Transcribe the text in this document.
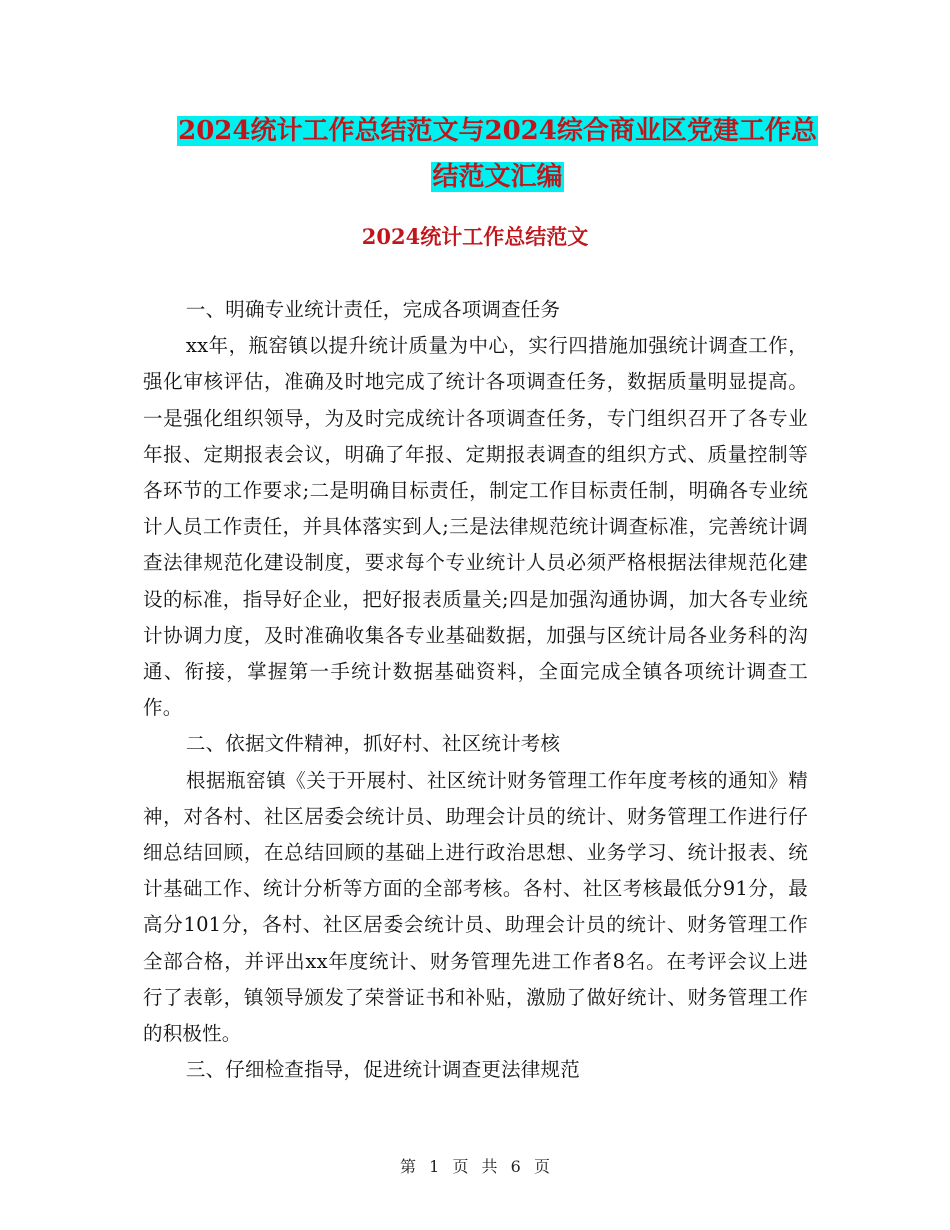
2024统计工作总结范文与2024综合商业区党建工作总
结范文汇编
2024统计工作总结范文

一、明确专业统计责任，完成各项调查任务

xx年，瓶窑镇以提升统计质量为中心，实行四措施加强统计调查工作，强化审核评估，准确及时地完成了统计各项调查任务，数据质量明显提高。一是强化组织领导，为及时完成统计各项调查任务，专门组织召开了各专业年报、定期报表会议，明确了年报、定期报表调查的组织方式、质量控制等各环节的工作要求;二是明确目标责任，制定工作目标责任制，明确各专业统计人员工作责任，并具体落实到人;三是法律规范统计调查标准，完善统计调查法律规范化建设制度，要求每个专业统计人员必须严格根据法律规范化建设的标准，指导好企业，把好报表质量关;四是加强沟通协调，加大各专业统计协调力度，及时准确收集各专业基础数据，加强与区统计局各业务科的沟通、衔接，掌握第一手统计数据基础资料，全面完成全镇各项统计调查工作。

二、依据文件精神，抓好村、社区统计考核

根据瓶窑镇《关于开展村、社区统计财务管理工作年度考核的通知》精神，对各村、社区居委会统计员、助理会计员的统计、财务管理工作进行仔细总结回顾，在总结回顾的基础上进行政治思想、业务学习、统计报表、统计基础工作、统计分析等方面的全部考核。各村、社区考核最低分91分，最高分101分，各村、社区居委会统计员、助理会计员的统计、财务管理工作全部合格，并评出xx年度统计、财务管理先进工作者8名。在考评会议上进行了表彰，镇领导颁发了荣誉证书和补贴，激励了做好统计、财务管理工作的积极性。

三、仔细检查指导，促进统计调查更法律规范

第 1 页 共 6 页
